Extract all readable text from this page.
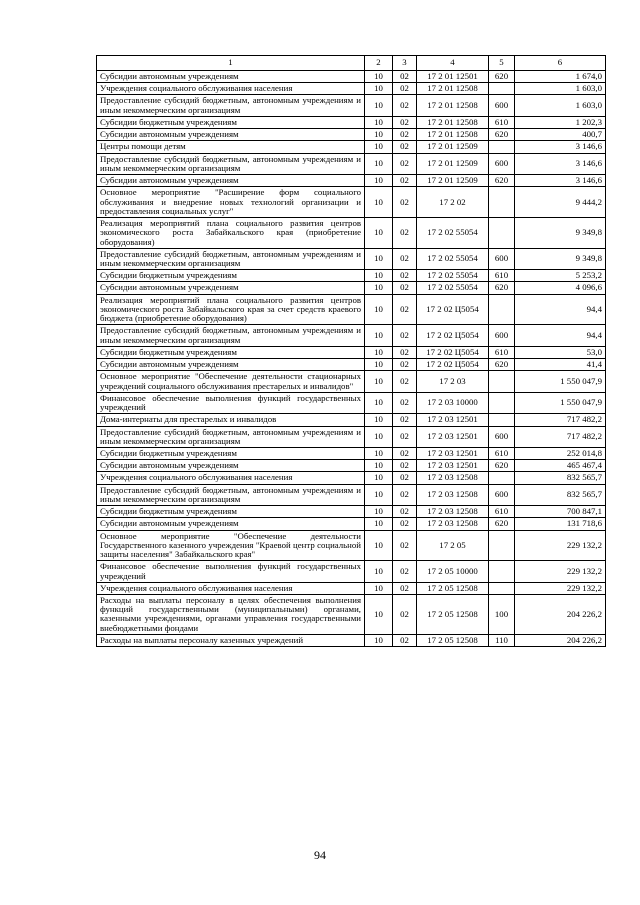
1	2	3	4	5	6
Субсидии автономным учреждениям	10	02	17 2 01 12501	620	1 674,0
Учреждения социального обслуживания населения	10	02	17 2 01 12508		1 603,0
Предоставление субсидий бюджетным, автономным учреждениям и иным некоммерческим организациям	10	02	17 2 01 12508	600	1 603,0
Субсидии бюджетным учреждениям	10	02	17 2 01 12508	610	1 202,3
Субсидии автономным учреждениям	10	02	17 2 01 12508	620	400,7
Центры помощи детям	10	02	17 2 01 12509		3 146,6
Предоставление субсидий бюджетным, автономным учреждениям и иным некоммерческим организациям	10	02	17 2 01 12509	600	3 146,6
Субсидии автономным учреждениям	10	02	17 2 01 12509	620	3 146,6
Основное мероприятие "Расширение форм социального обслуживания и внедрение новых технологий организации и предоставления социальных услуг"	10	02	17 2 02		9 444,2
Реализация мероприятий плана социального развития центров экономического роста Забайкальского края (приобретение оборудования)	10	02	17 2 02 55054		9 349,8
Предоставление субсидий бюджетным, автономным учреждениям и иным некоммерческим организациям	10	02	17 2 02 55054	600	9 349,8
Субсидии бюджетным учреждениям	10	02	17 2 02 55054	610	5 253,2
Субсидии автономным учреждениям	10	02	17 2 02 55054	620	4 096,6
Реализация мероприятий плана социального развития центров экономического роста Забайкальского края за счет средств краевого бюджета (приобретение оборудования)	10	02	17 2 02 Ц5054		94,4
Предоставление субсидий бюджетным, автономным учреждениям и иным некоммерческим организациям	10	02	17 2 02 Ц5054	600	94,4
Субсидии бюджетным учреждениям	10	02	17 2 02 Ц5054	610	53,0
Субсидии автономным учреждениям	10	02	17 2 02 Ц5054	620	41,4
Основное мероприятие "Обеспечение деятельности стационарных учреждений социального обслуживания престарелых и инвалидов"	10	02	17 2 03		1 550 047,9
Финансовое обеспечение выполнения функций государственных учреждений	10	02	17 2 03 10000		1 550 047,9
Дома-интернаты для престарелых и инвалидов	10	02	17 2 03 12501		717 482,2
Предоставление субсидий бюджетным, автономным учреждениям и иным некоммерческим организациям	10	02	17 2 03 12501	600	717 482,2
Субсидии бюджетным учреждениям	10	02	17 2 03 12501	610	252 014,8
Субсидии автономным учреждениям	10	02	17 2 03 12501	620	465 467,4
Учреждения социального обслуживания населения	10	02	17 2 03 12508		832 565,7
Предоставление субсидий бюджетным, автономным учреждениям и иным некоммерческим организациям	10	02	17 2 03 12508	600	832 565,7
Субсидии бюджетным учреждениям	10	02	17 2 03 12508	610	700 847,1
Субсидии автономным учреждениям	10	02	17 2 03 12508	620	131 718,6
Основное мероприятие "Обеспечение деятельности Государственного казенного учреждения "Краевой центр социальной защиты населения" Забайкальского края"	10	02	17 2 05		229 132,2
Финансовое обеспечение выполнения функций государственных учреждений	10	02	17 2 05 10000		229 132,2
Учреждения социального обслуживания населения	10	02	17 2 05 12508		229 132,2
Расходы на выплаты персоналу в целях обеспечения выполнения функций государственными (муниципальными) органами, казенными учреждениями, органами управления государственными внебюджетными фондами	10	02	17 2 05 12508	100	204 226,2
Расходы на выплаты персоналу казенных учреждений	10	02	17 2 05 12508	110	204 226,2
94
